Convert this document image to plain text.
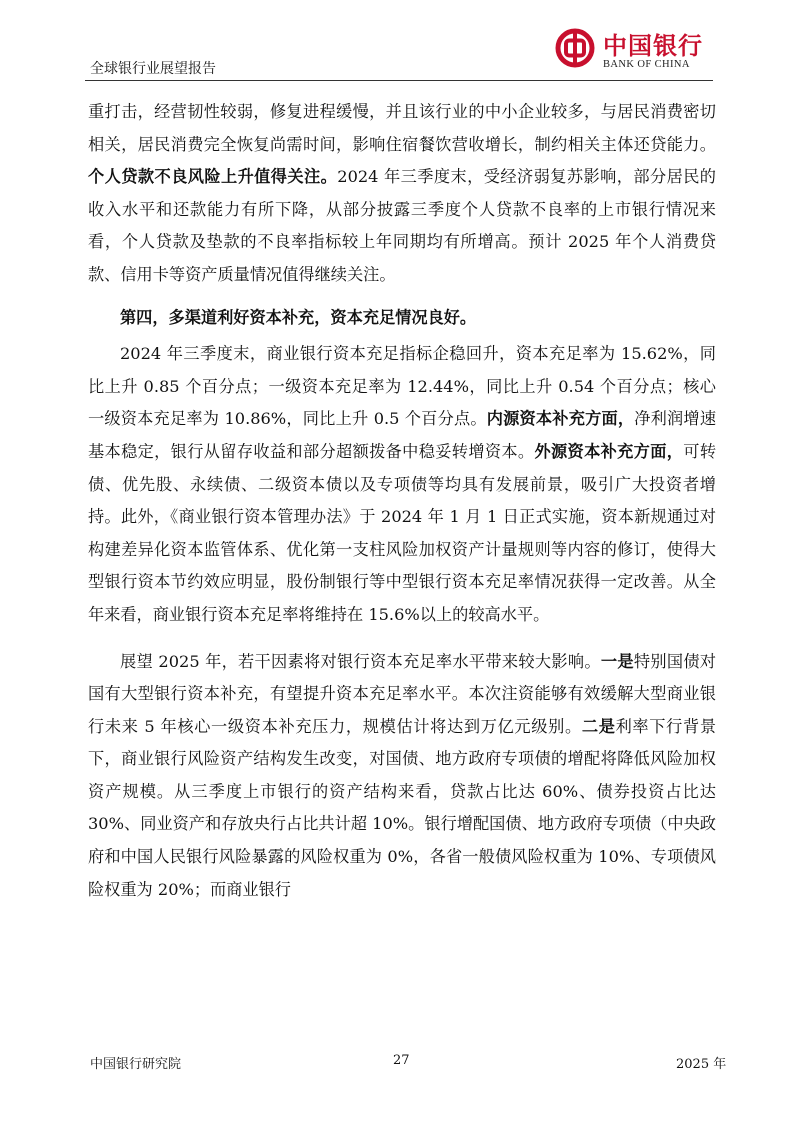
全球银行业展望报告
中国银行
BANK OF CHINA

重打击，经营韧性较弱，修复进程缓慢，并且该行业的中小企业较多，与居民消费密切相关，居民消费完全恢复尚需时间，影响住宿餐饮营收增长，制约相关主体还贷能力。个人贷款不良风险上升值得关注。2024 年三季度末，受经济弱复苏影响，部分居民的收入水平和还款能力有所下降，从部分披露三季度个人贷款不良率的上市银行情况来看，个人贷款及垫款的不良率指标较上年同期均有所增高。预计 2025 年个人消费贷款、信用卡等资产质量情况值得继续关注。

第四，多渠道利好资本补充，资本充足情况良好。

2024 年三季度末，商业银行资本充足指标企稳回升，资本充足率为 15.62%，同比上升 0.85 个百分点；一级资本充足率为 12.44%，同比上升 0.54 个百分点；核心一级资本充足率为 10.86%，同比上升 0.5 个百分点。内源资本补充方面，净利润增速基本稳定，银行从留存收益和部分超额拨备中稳妥转增资本。外源资本补充方面，可转债、优先股、永续债、二级资本债以及专项债等均具有发展前景，吸引广大投资者增持。此外，《商业银行资本管理办法》于 2024 年 1 月 1 日正式实施，资本新规通过对构建差异化资本监管体系、优化第一支柱风险加权资产计量规则等内容的修订，使得大型银行资本节约效应明显，股份制银行等中型银行资本充足率情况获得一定改善。从全年来看，商业银行资本充足率将维持在 15.6%以上的较高水平。

展望 2025 年，若干因素将对银行资本充足率水平带来较大影响。一是特别国债对国有大型银行资本补充，有望提升资本充足率水平。本次注资能够有效缓解大型商业银行未来 5 年核心一级资本补充压力，规模估计将达到万亿元级别。二是利率下行背景下，商业银行风险资产结构发生改变，对国债、地方政府专项债的增配将降低风险加权资产规模。从三季度上市银行的资产结构来看，贷款占比达 60%、债券投资占比达 30%、同业资产和存放央行占比共计超 10%。银行增配国债、地方政府专项债（中央政府和中国人民银行风险暴露的风险权重为 0%，各省一般债风险权重为 10%、专项债风险权重为 20%；而商业银行

中国银行研究院	27	2025 年
